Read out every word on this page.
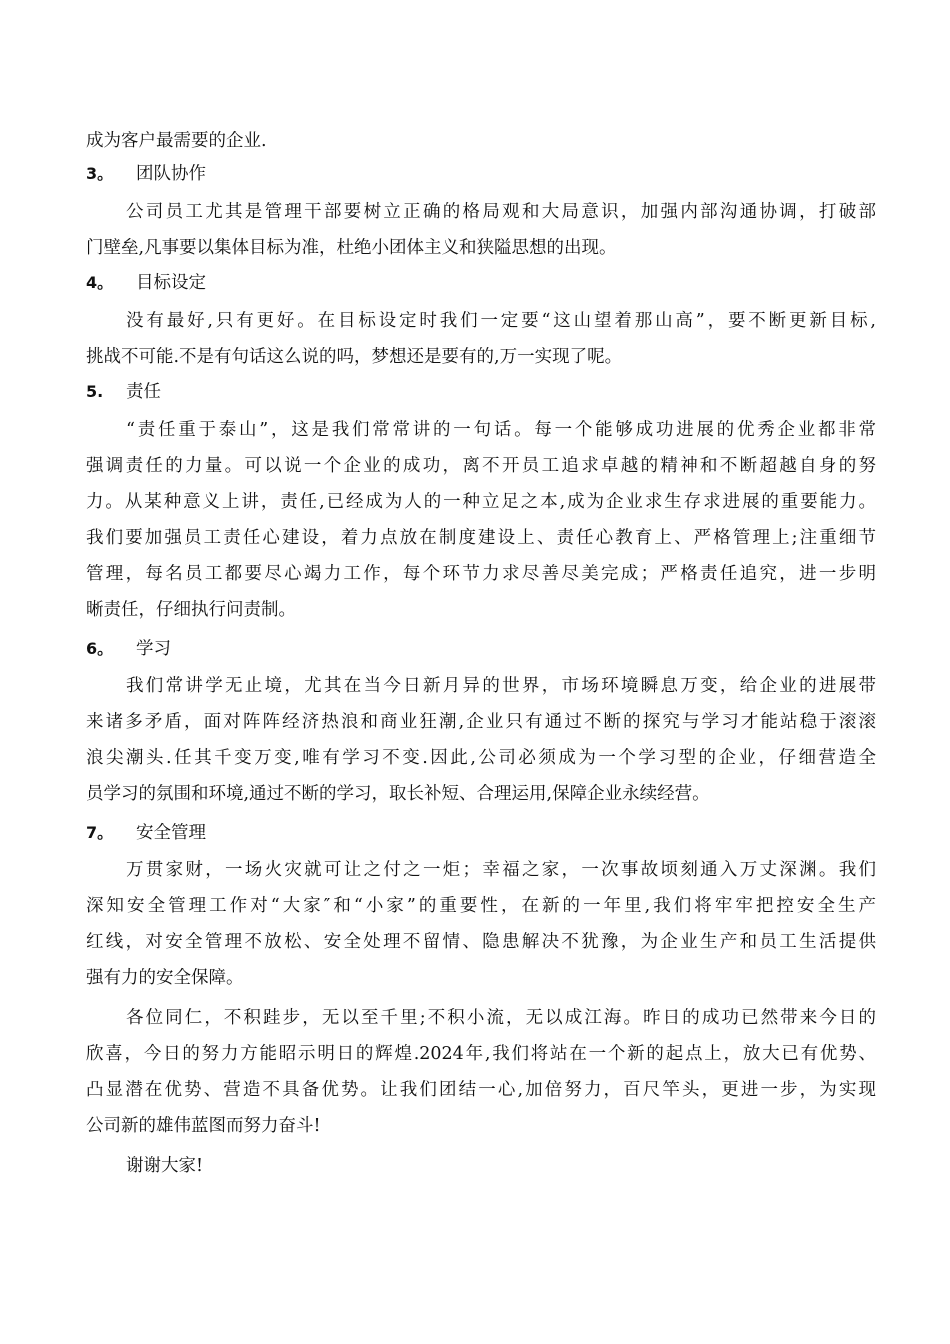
成为客户最需要的企业.
3。 团队协作
公司员工尤其是管理干部要树立正确的格局观和大局意识，加强内部沟通协调，打破部
门壁垒,凡事要以集体目标为准，杜绝小团体主义和狭隘思想的出现。
4。 目标设定
没有最好,只有更好。在目标设定时我们一定要“这山望着那山高”，要不断更新目标,
挑战不可能.不是有句话这么说的吗，梦想还是要有的,万一实现了呢。
5. 责任
“责任重于泰山”，这是我们常常讲的一句话。每一个能够成功进展的优秀企业都非常
强调责任的力量。可以说一个企业的成功，离不开员工追求卓越的精神和不断超越自身的努
力。从某种意义上讲，责任,已经成为人的一种立足之本,成为企业求生存求进展的重要能力。
我们要加强员工责任心建设，着力点放在制度建设上、责任心教育上、严格管理上;注重细节
管理，每名员工都要尽心竭力工作，每个环节力求尽善尽美完成；严格责任追究，进一步明
晰责任，仔细执行问责制。
6。 学习
我们常讲学无止境，尤其在当今日新月异的世界，市场环境瞬息万变，给企业的进展带
来诸多矛盾，面对阵阵经济热浪和商业狂潮,企业只有通过不断的探究与学习才能站稳于滚滚
浪尖潮头.任其千变万变,唯有学习不变.因此,公司必须成为一个学习型的企业，仔细营造全
员学习的氛围和环境,通过不断的学习，取长补短、合理运用,保障企业永续经营。
7。 安全管理
万贯家财，一场火灾就可让之付之一炬；幸福之家，一次事故顷刻通入万丈深渊。我们
深知安全管理工作对“大家″和“小家”的重要性，在新的一年里,我们将牢牢把控安全生产
红线，对安全管理不放松、安全处理不留情、隐患解决不犹豫，为企业生产和员工生活提供
强有力的安全保障。
各位同仁，不积跬步，无以至千里;不积小流，无以成江海。昨日的成功已然带来今日的
欣喜，今日的努力方能昭示明日的辉煌.2024年,我们将站在一个新的起点上，放大已有优势、
凸显潜在优势、营造不具备优势。让我们团结一心,加倍努力，百尺竿头，更进一步，为实现
公司新的雄伟蓝图而努力奋斗!
谢谢大家!
